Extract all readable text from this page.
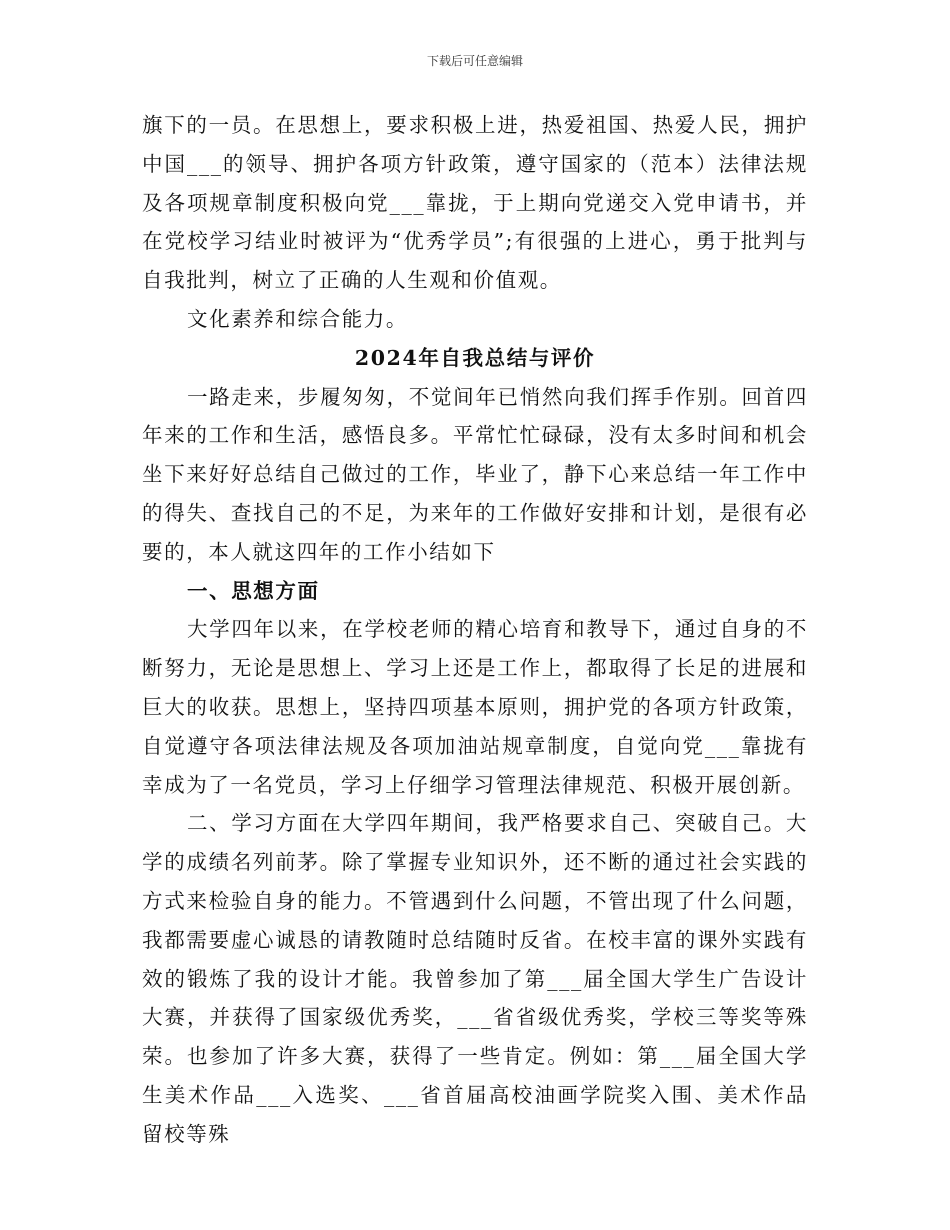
下载后可任意编辑

旗下的一员。在思想上，要求积极上进，热爱祖国、热爱人民，拥护中国___的领导、拥护各项方针政策，遵守国家的（范本）法律法规及各项规章制度积极向党___靠拢，于上期向党递交入党申请书，并在党校学习结业时被评为“优秀学员”;有很强的上进心，勇于批判与自我批判，树立了正确的人生观和价值观。

文化素养和综合能力。

2024年自我总结与评价

一路走来，步履匆匆，不觉间年已悄然向我们挥手作别。回首四年来的工作和生活，感悟良多。平常忙忙碌碌，没有太多时间和机会坐下来好好总结自己做过的工作，毕业了，静下心来总结一年工作中的得失、查找自己的不足，为来年的工作做好安排和计划，是很有必要的，本人就这四年的工作小结如下

一、思想方面

大学四年以来，在学校老师的精心培育和教导下，通过自身的不断努力，无论是思想上、学习上还是工作上，都取得了长足的进展和巨大的收获。思想上，坚持四项基本原则，拥护党的各项方针政策，自觉遵守各项法律法规及各项加油站规章制度，自觉向党___靠拢有幸成为了一名党员，学习上仔细学习管理法律规范、积极开展创新。

二、学习方面在大学四年期间，我严格要求自己、突破自己。大学的成绩名列前茅。除了掌握专业知识外，还不断的通过社会实践的方式来检验自身的能力。不管遇到什么问题，不管出现了什么问题，我都需要虚心诚恳的请教随时总结随时反省。在校丰富的课外实践有效的锻炼了我的设计才能。我曾参加了第___届全国大学生广告设计大赛，并获得了国家级优秀奖，___省省级优秀奖，学校三等奖等殊荣。也参加了许多大赛，获得了一些肯定。例如：第___届全国大学生美术作品___入选奖、___省首届高校油画学院奖入围、美术作品留校等殊
